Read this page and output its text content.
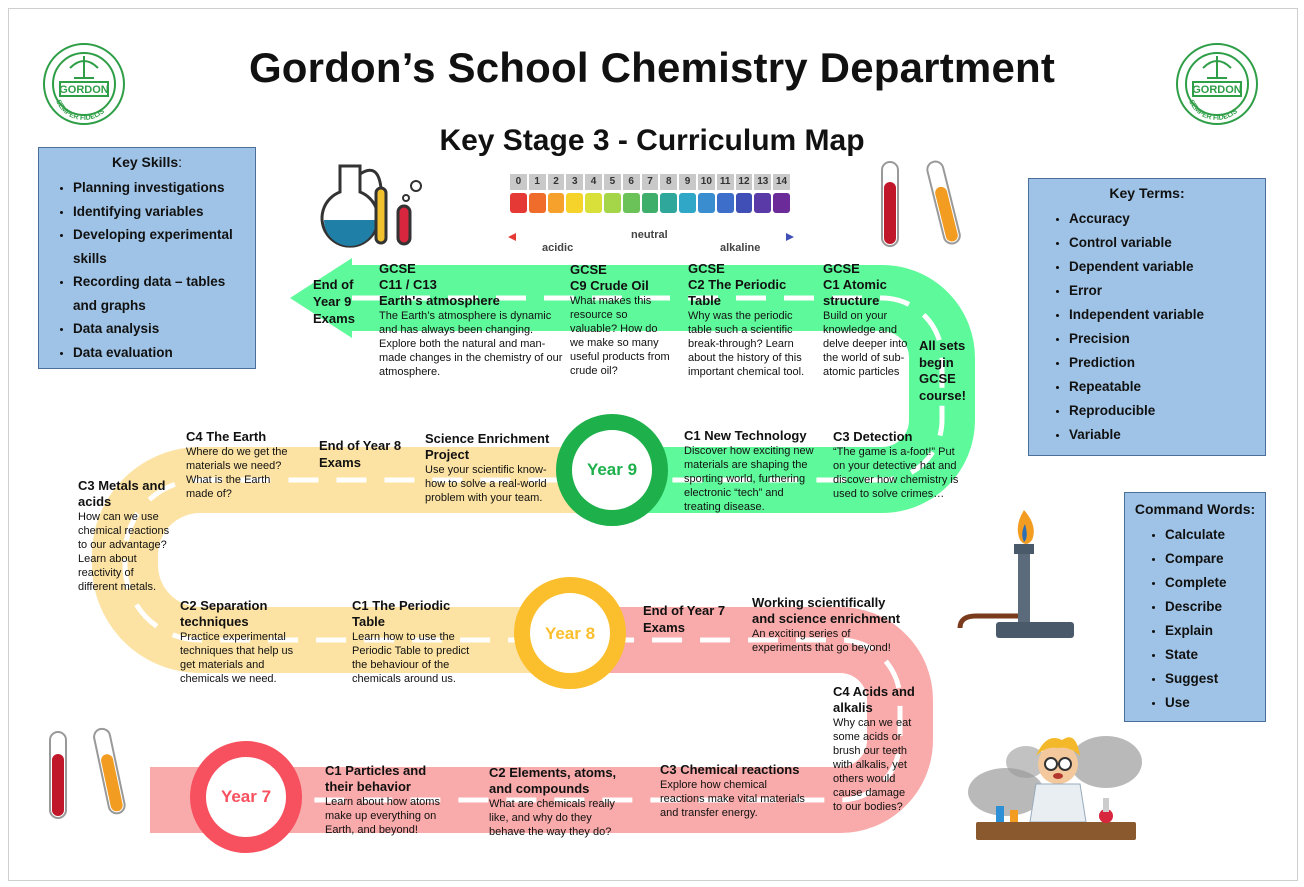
GORDON
SEMPER FIDELIS
GORDON
SEMPER FIDELIS
Gordon’s School Chemistry Department
Key Stage 3 - Curriculum Map
Year 9
Year 8
Year 7
0	1	2	3	4	5	6	7	8	9	10 11 12 13 14
neutral
acidic	alkaline
Key Skills:
• Planning investigations
• Identifying variables
• Developing experimental skills
• Recording data – tables and graphs
• Data analysis
• Data evaluation
Key Terms:
• Accuracy
• Control variable
• Dependent variable
• Error
• Independent variable
• Precision
• Prediction
• Repeatable
• Reproducible
• Variable
Command Words:
• Calculate
• Compare
• Complete
• Describe
• Explain
• State
• Suggest
• Use
End of Year 9 Exams
GCSE
C11 / C13
Earth's atmosphere
The Earth’s atmosphere is dynamic and has always been changing. Explore both the natural and man-made changes in the chemistry of our atmosphere.
GCSE
C9 Crude Oil
What makes this resource so valuable? How do we make so many useful products from crude oil?
GCSE
C2 The Periodic Table
Why was the periodic table such a scientific break-through? Learn about the history of this important chemical tool.
GCSE
C1 Atomic structure
Build on your knowledge and delve deeper into the world of sub-atomic particles
All sets begin GCSE course!
C1 New Technology
Discover how exciting new materials are shaping the sporting world, furthering electronic “tech” and treating disease.
C3 Detection
“The game is a-foot!” Put on your detective hat and discover how chemistry is used to solve crimes…
C4 The Earth
Where do we get the materials we need? What is the Earth made of?
End of Year 8 Exams
Science Enrichment Project
Use your scientific know-how to solve a real-world problem with your team.
C3 Metals and acids
How can we use chemical reactions to our advantage? Learn about reactivity of different metals.
C2 Separation techniques
Practice experimental techniques that help us get materials and chemicals we need.
C1 The Periodic Table
Learn how to use the Periodic Table to predict the behaviour of the chemicals around us.
End of Year 7 Exams
Working scientifically and science enrichment
An exciting series of experiments that go beyond!
C4 Acids and alkalis
Why can we eat some acids or brush our teeth with alkalis, yet others would cause damage to our bodies?
C1 Particles and their behavior
Learn about how atoms make up everything on Earth, and beyond!
C2 Elements, atoms, and compounds
What are chemicals really like, and why do they behave the way they do?
C3 Chemical reactions
Explore how chemical reactions make vital materials and transfer energy.
